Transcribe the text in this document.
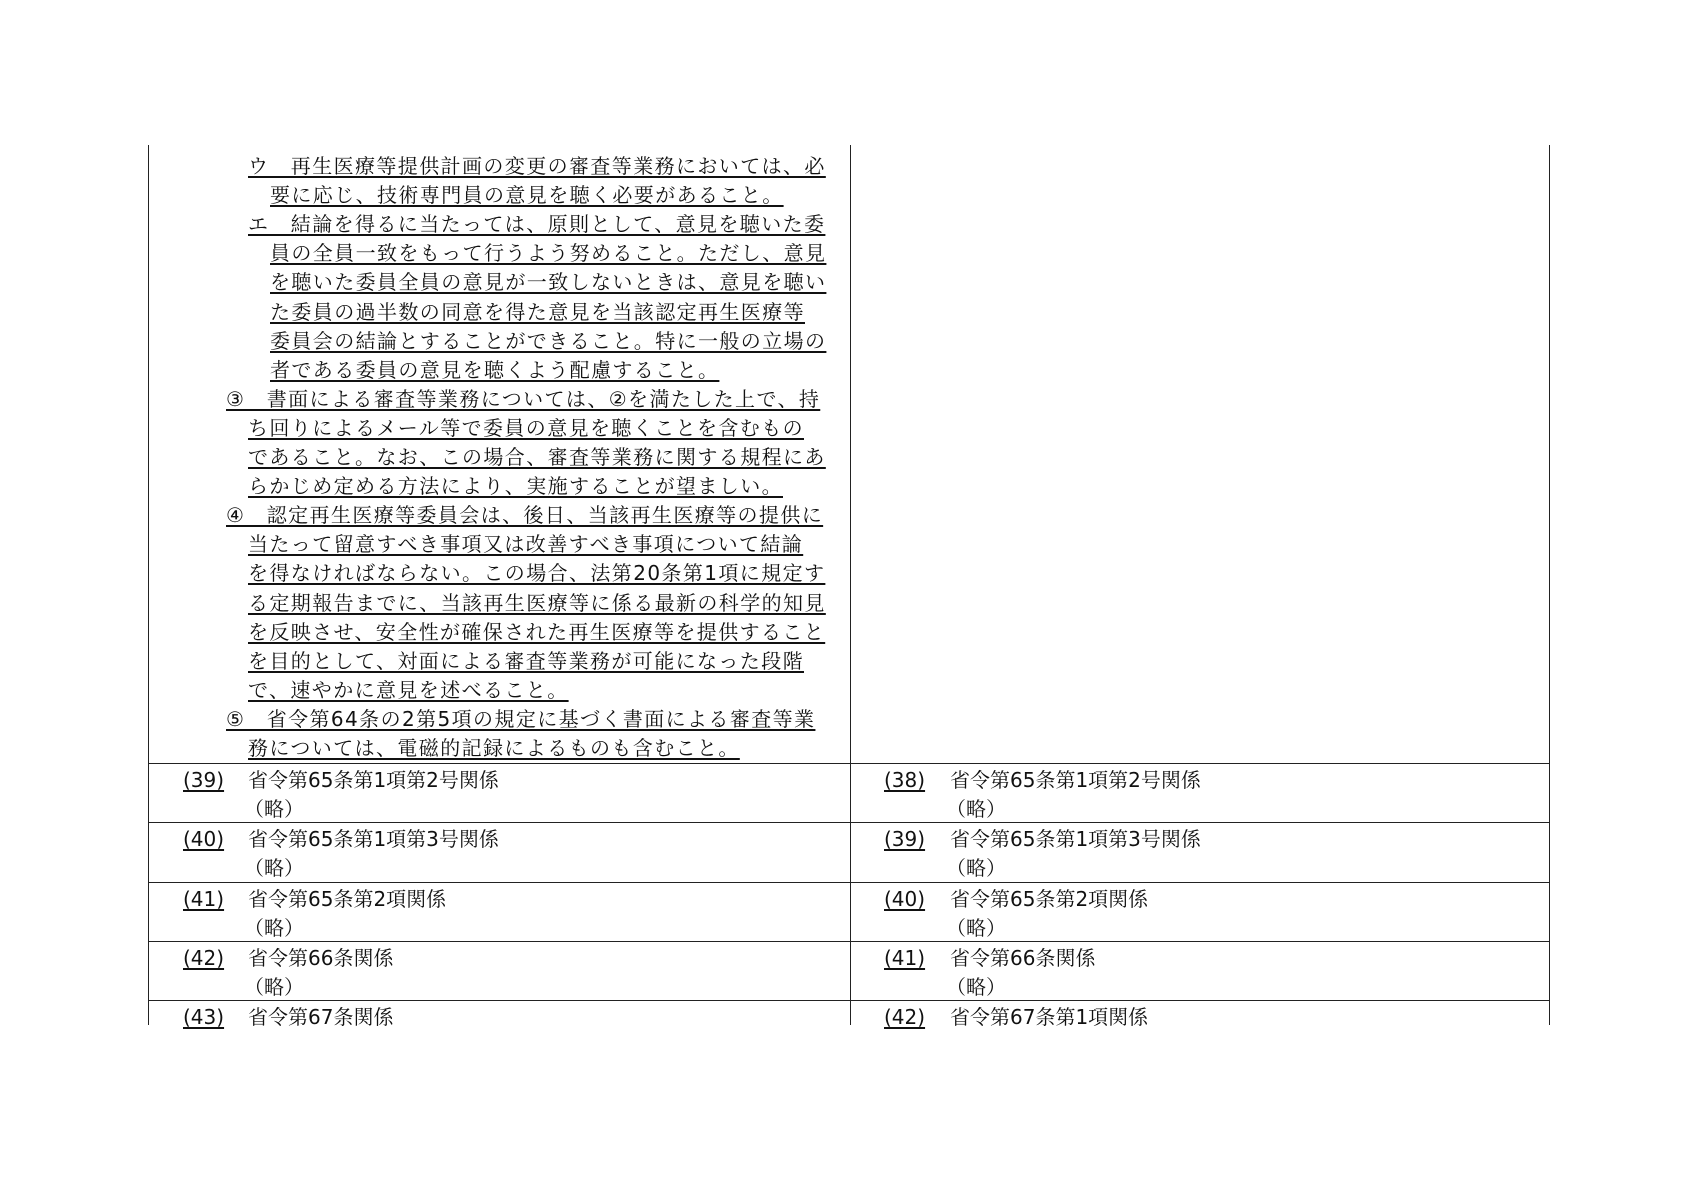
ウ　再生医療等提供計画の変更の審査等業務においては、必
要に応じ、技術専門員の意見を聴く必要があること。
エ　結論を得るに当たっては、原則として、意見を聴いた委
員の全員一致をもって行うよう努めること。ただし、意見
を聴いた委員全員の意見が一致しないときは、意見を聴い
た委員の過半数の同意を得た意見を当該認定再生医療等
委員会の結論とすることができること。特に一般の立場の
者である委員の意見を聴くよう配慮すること。
③　書面による審査等業務については、②を満たした上で、持
ち回りによるメール等で委員の意見を聴くことを含むもの
であること。なお、この場合、審査等業務に関する規程にあ
らかじめ定める方法により、実施することが望ましい。
④　認定再生医療等委員会は、後日、当該再生医療等の提供に
当たって留意すべき事項又は改善すべき事項について結論
を得なければならない。この場合、法第20条第1項に規定す
る定期報告までに、当該再生医療等に係る最新の科学的知見
を反映させ、安全性が確保された再生医療等を提供すること
を目的として、対面による審査等業務が可能になった段階
で、速やかに意見を述べること。
⑤　省令第64条の2第5項の規定に基づく書面による審査等業
務については、電磁的記録によるものも含むこと。
(39) 省令第65条第1項第2号関係
（略）
(38) 省令第65条第1項第2号関係
（略）
(40) 省令第65条第1項第3号関係
（略）
(39) 省令第65条第1項第3号関係
（略）
(41) 省令第65条第2項関係
（略）
(40) 省令第65条第2項関係
（略）
(42) 省令第66条関係
（略）
(41) 省令第66条関係
（略）
(43) 省令第67条関係	(42) 省令第67条第1項関係
